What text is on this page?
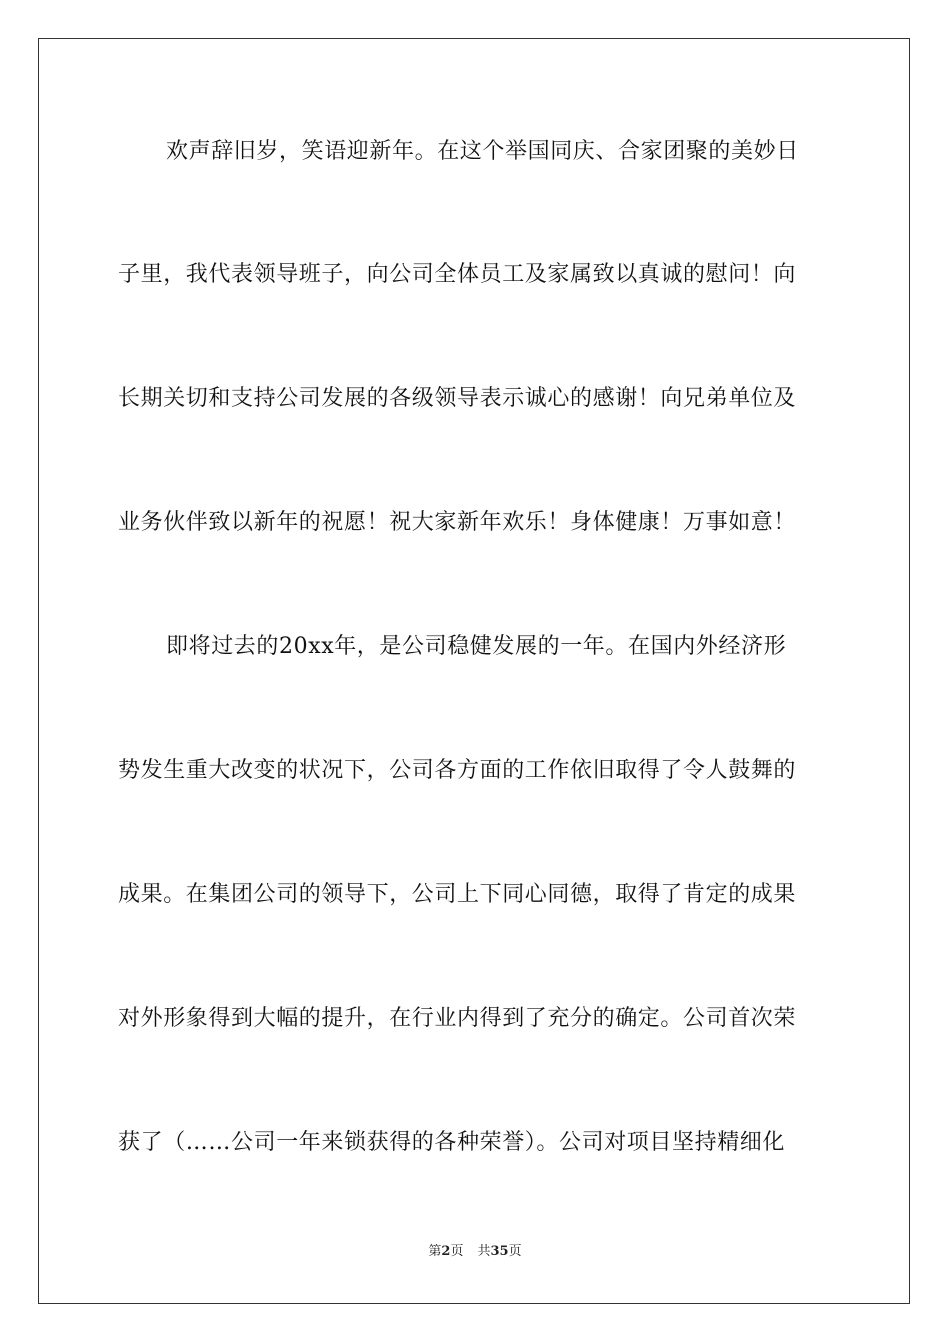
欢声辞旧岁，笑语迎新年。在这个举国同庆、合家团聚的美妙日
子里，我代表领导班子，向公司全体员工及家属致以真诚的慰问！向
长期关切和支持公司发展的各级领导表示诚心的感谢！向兄弟单位及
业务伙伴致以新年的祝愿！祝大家新年欢乐！身体健康！万事如意！
即将过去的20xx年，是公司稳健发展的一年。在国内外经济形
势发生重大改变的状况下，公司各方面的工作依旧取得了令人鼓舞的
成果。在集团公司的领导下，公司上下同心同德，取得了肯定的成果
对外形象得到大幅的提升，在行业内得到了充分的确定。公司首次荣
获了（……公司一年来锁获得的各种荣誉）。公司对项目坚持精细化
第2页 共35页
